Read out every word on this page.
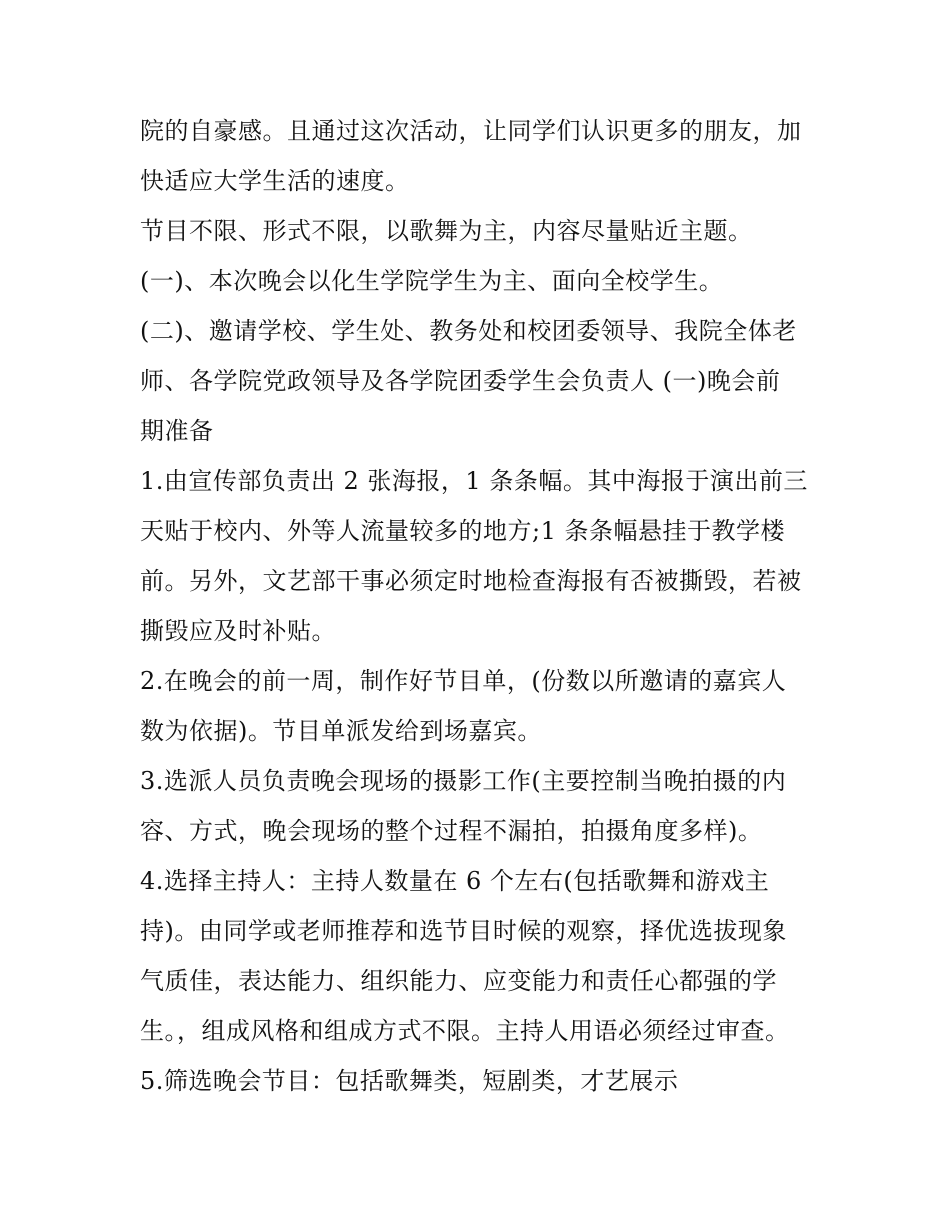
院的自豪感。且通过这次活动，让同学们认识更多的朋友，加
快适应大学生活的速度。
节目不限、形式不限，以歌舞为主，内容尽量贴近主题。
(一)、本次晚会以化生学院学生为主、面向全校学生。
(二)、邀请学校、学生处、教务处和校团委领导、我院全体老
师、各学院党政领导及各学院团委学生会负责人 (一)晚会前
期准备
1.由宣传部负责出 2 张海报，1 条条幅。其中海报于演出前三
天贴于校内、外等人流量较多的地方;1 条条幅悬挂于教学楼
前。另外，文艺部干事必须定时地检查海报有否被撕毁，若被
撕毁应及时补贴。
2.在晚会的前一周，制作好节目单，(份数以所邀请的嘉宾人
数为依据)。节目单派发给到场嘉宾。
3.选派人员负责晚会现场的摄影工作(主要控制当晚拍摄的内
容、方式，晚会现场的整个过程不漏拍，拍摄角度多样)。
4.选择主持人：主持人数量在 6 个左右(包括歌舞和游戏主
持)。由同学或老师推荐和选节目时候的观察，择优选拔现象
气质佳，表达能力、组织能力、应变能力和责任心都强的学
生。，组成风格和组成方式不限。主持人用语必须经过审查。
5.筛选晚会节目：包括歌舞类，短剧类，才艺展示
